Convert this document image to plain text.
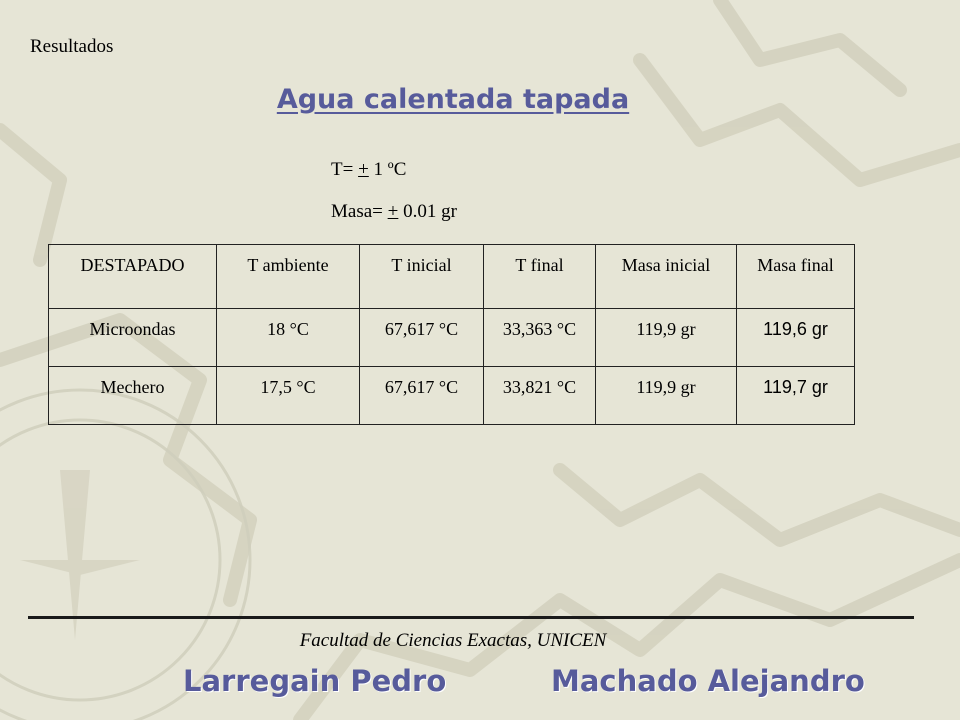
Resultados
Agua calentada tapada
T= + 1 ºC
Masa= + 0.01 gr
DESTAPADO	T ambiente	T inicial	T final	Masa inicial	Masa final
Microondas	18 °C	67,617 °C	33,363 °C	119,9 gr	119,6 gr
Mechero	17,5 °C	67,617 °C	33,821 °C	119,9 gr	119,7 gr
Facultad de Ciencias Exactas, UNICEN
Larregain Pedro	Machado Alejandro
